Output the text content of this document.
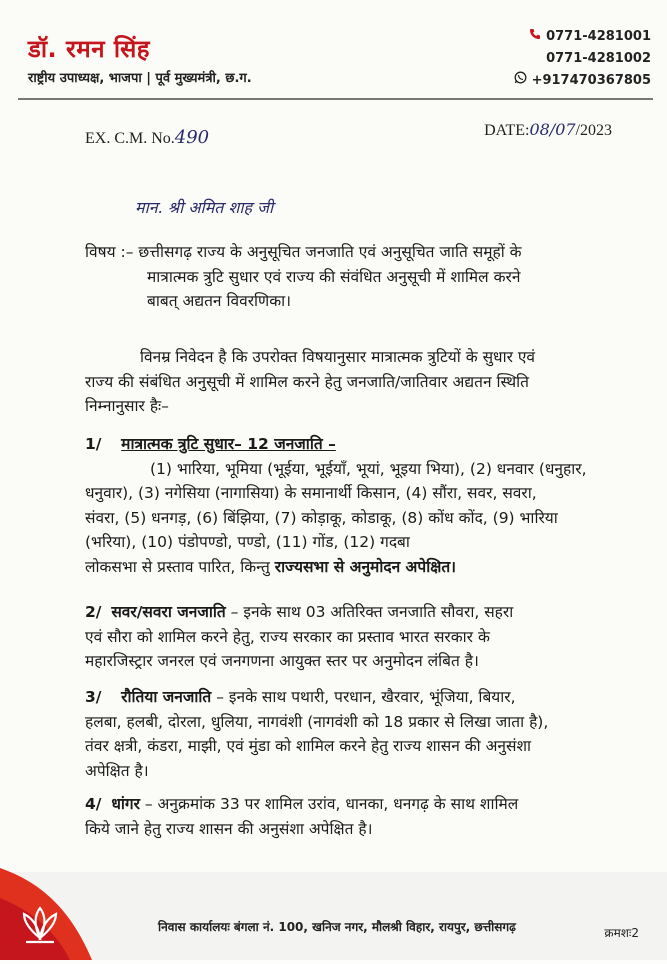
डॉ. रमन सिंह
राष्ट्रीय उपाध्यक्ष, भाजपा | पूर्व मुख्यमंत्री, छ.ग.
0771-4281001
0771-4281002
+917470367805
EX. C.M. No.490	DATE:08/07/2023
मान. श्री अमित शाह जी
विषय :– छत्तीसगढ़ राज्य के अनुसूचित जनजाति एवं अनुसूचित जाति समूहों के
मात्रात्मक त्रुटि सुधार एवं राज्य की संवंधित अनुसूची में शामिल करने
बाबत् अद्यतन विवरणिका।
विनम्र निवेदन है कि उपरोक्त विषयानुसार मात्रात्मक त्रुटियों के सुधार एवं
राज्य की संबंधित अनुसूची में शामिल करने हेतु जनजाति/जातिवार अद्यतन स्थिति
निम्नानुसार हैः–
1/ मात्रात्मक त्रुटि सुधार– 12 जनजाति –
(1) भारिया, भूमिया (भूईया, भूईयाँ, भूयां, भूइया भिया), (2) धनवार (धनुहार,
धनुवार), (3) नगेसिया (नागासिया) के समानार्थी किसान, (4) सौंरा, सवर, सवरा,
संवरा, (5) धनगड़, (6) बिंझिया, (7) कोड़ाकू, कोडाकू, (8) कोंध कोंद, (9) भारिया
(भरिया), (10) पंडोपण्डो, पण्डो, (11) गोंड, (12) गदबा
लोकसभा से प्रस्ताव पारित, किन्तु राज्यसभा से अनुमोदन अपेक्षित।
2/ सवर/सवरा जनजाति – इनके साथ 03 अतिरिक्त जनजाति सौवरा, सहरा
एवं सौरा को शामिल करने हेतु, राज्य सरकार का प्रस्ताव भारत सरकार के
महारजिस्ट्रार जनरल एवं जनगणना आयुक्त स्तर पर अनुमोदन लंबित है।
3/ रौतिया जनजाति – इनके साथ पथारी, परधान, खैरवार, भूंजिया, बियार,
हलबा, हलबी, दोरला, धुलिया, नागवंशी (नागवंशी को 18 प्रकार से लिखा जाता है),
तंवर क्षत्री, कंडरा, माझी, एवं मुंडा को शामिल करने हेतु राज्य शासन की अनुसंशा
अपेक्षित है।
4/ धांगर – अनुक्रमांक 33 पर शामिल उरांव, धानका, धनगढ़ के साथ शामिल
किये जाने हेतु राज्य शासन की अनुसंशा अपेक्षित है।
निवास कार्यालयः बंगला नं. 100, खनिज नगर, मौलश्री विहार, रायपुर, छत्तीसगढ़	क्रमशः2
